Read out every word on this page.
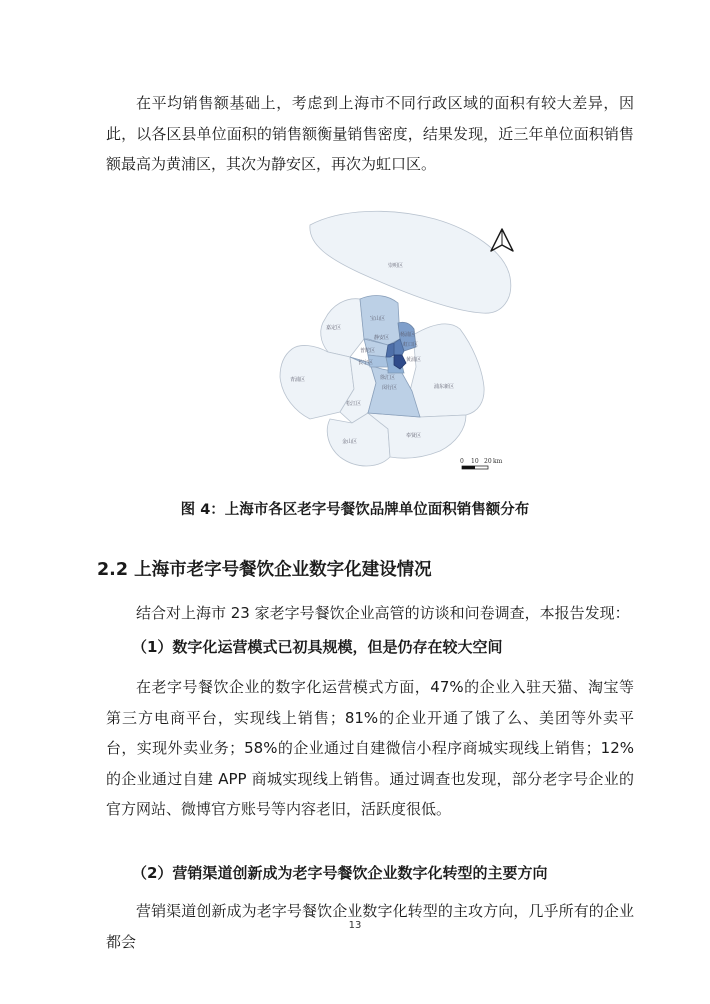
在平均销售额基础上，考虑到上海市不同行政区域的面积有较大差异，因此，以各区县单位面积的销售额衡量销售密度，结果发现，近三年单位面积销售额最高为黄浦区，其次为静安区，再次为虹口区。

崇明区
宝山区
嘉定区
青浦区
松江区
金山区
奉贤区
闵行区	浦东新区
普陀区
长宁区
徐汇区
杨浦区
虹口区
黄浦区
静安区
0 10 20 km

图 4：上海市各区老字号餐饮品牌单位面积销售额分布

2.2 上海市老字号餐饮企业数字化建设情况

结合对上海市 23 家老字号餐饮企业高管的访谈和问卷调查，本报告发现：

（1）数字化运营模式已初具规模，但是仍存在较大空间

在老字号餐饮企业的数字化运营模式方面，47%的企业入驻天猫、淘宝等第三方电商平台，实现线上销售；81%的企业开通了饿了么、美团等外卖平台，实现外卖业务；58%的企业通过自建微信小程序商城实现线上销售；12%的企业通过自建 APP 商城实现线上销售。通过调查也发现，部分老字号企业的官方网站、微博官方账号等内容老旧，活跃度很低。

（2）营销渠道创新成为老字号餐饮企业数字化转型的主要方向

营销渠道创新成为老字号餐饮企业数字化转型的主攻方向，几乎所有的企业都会

13
